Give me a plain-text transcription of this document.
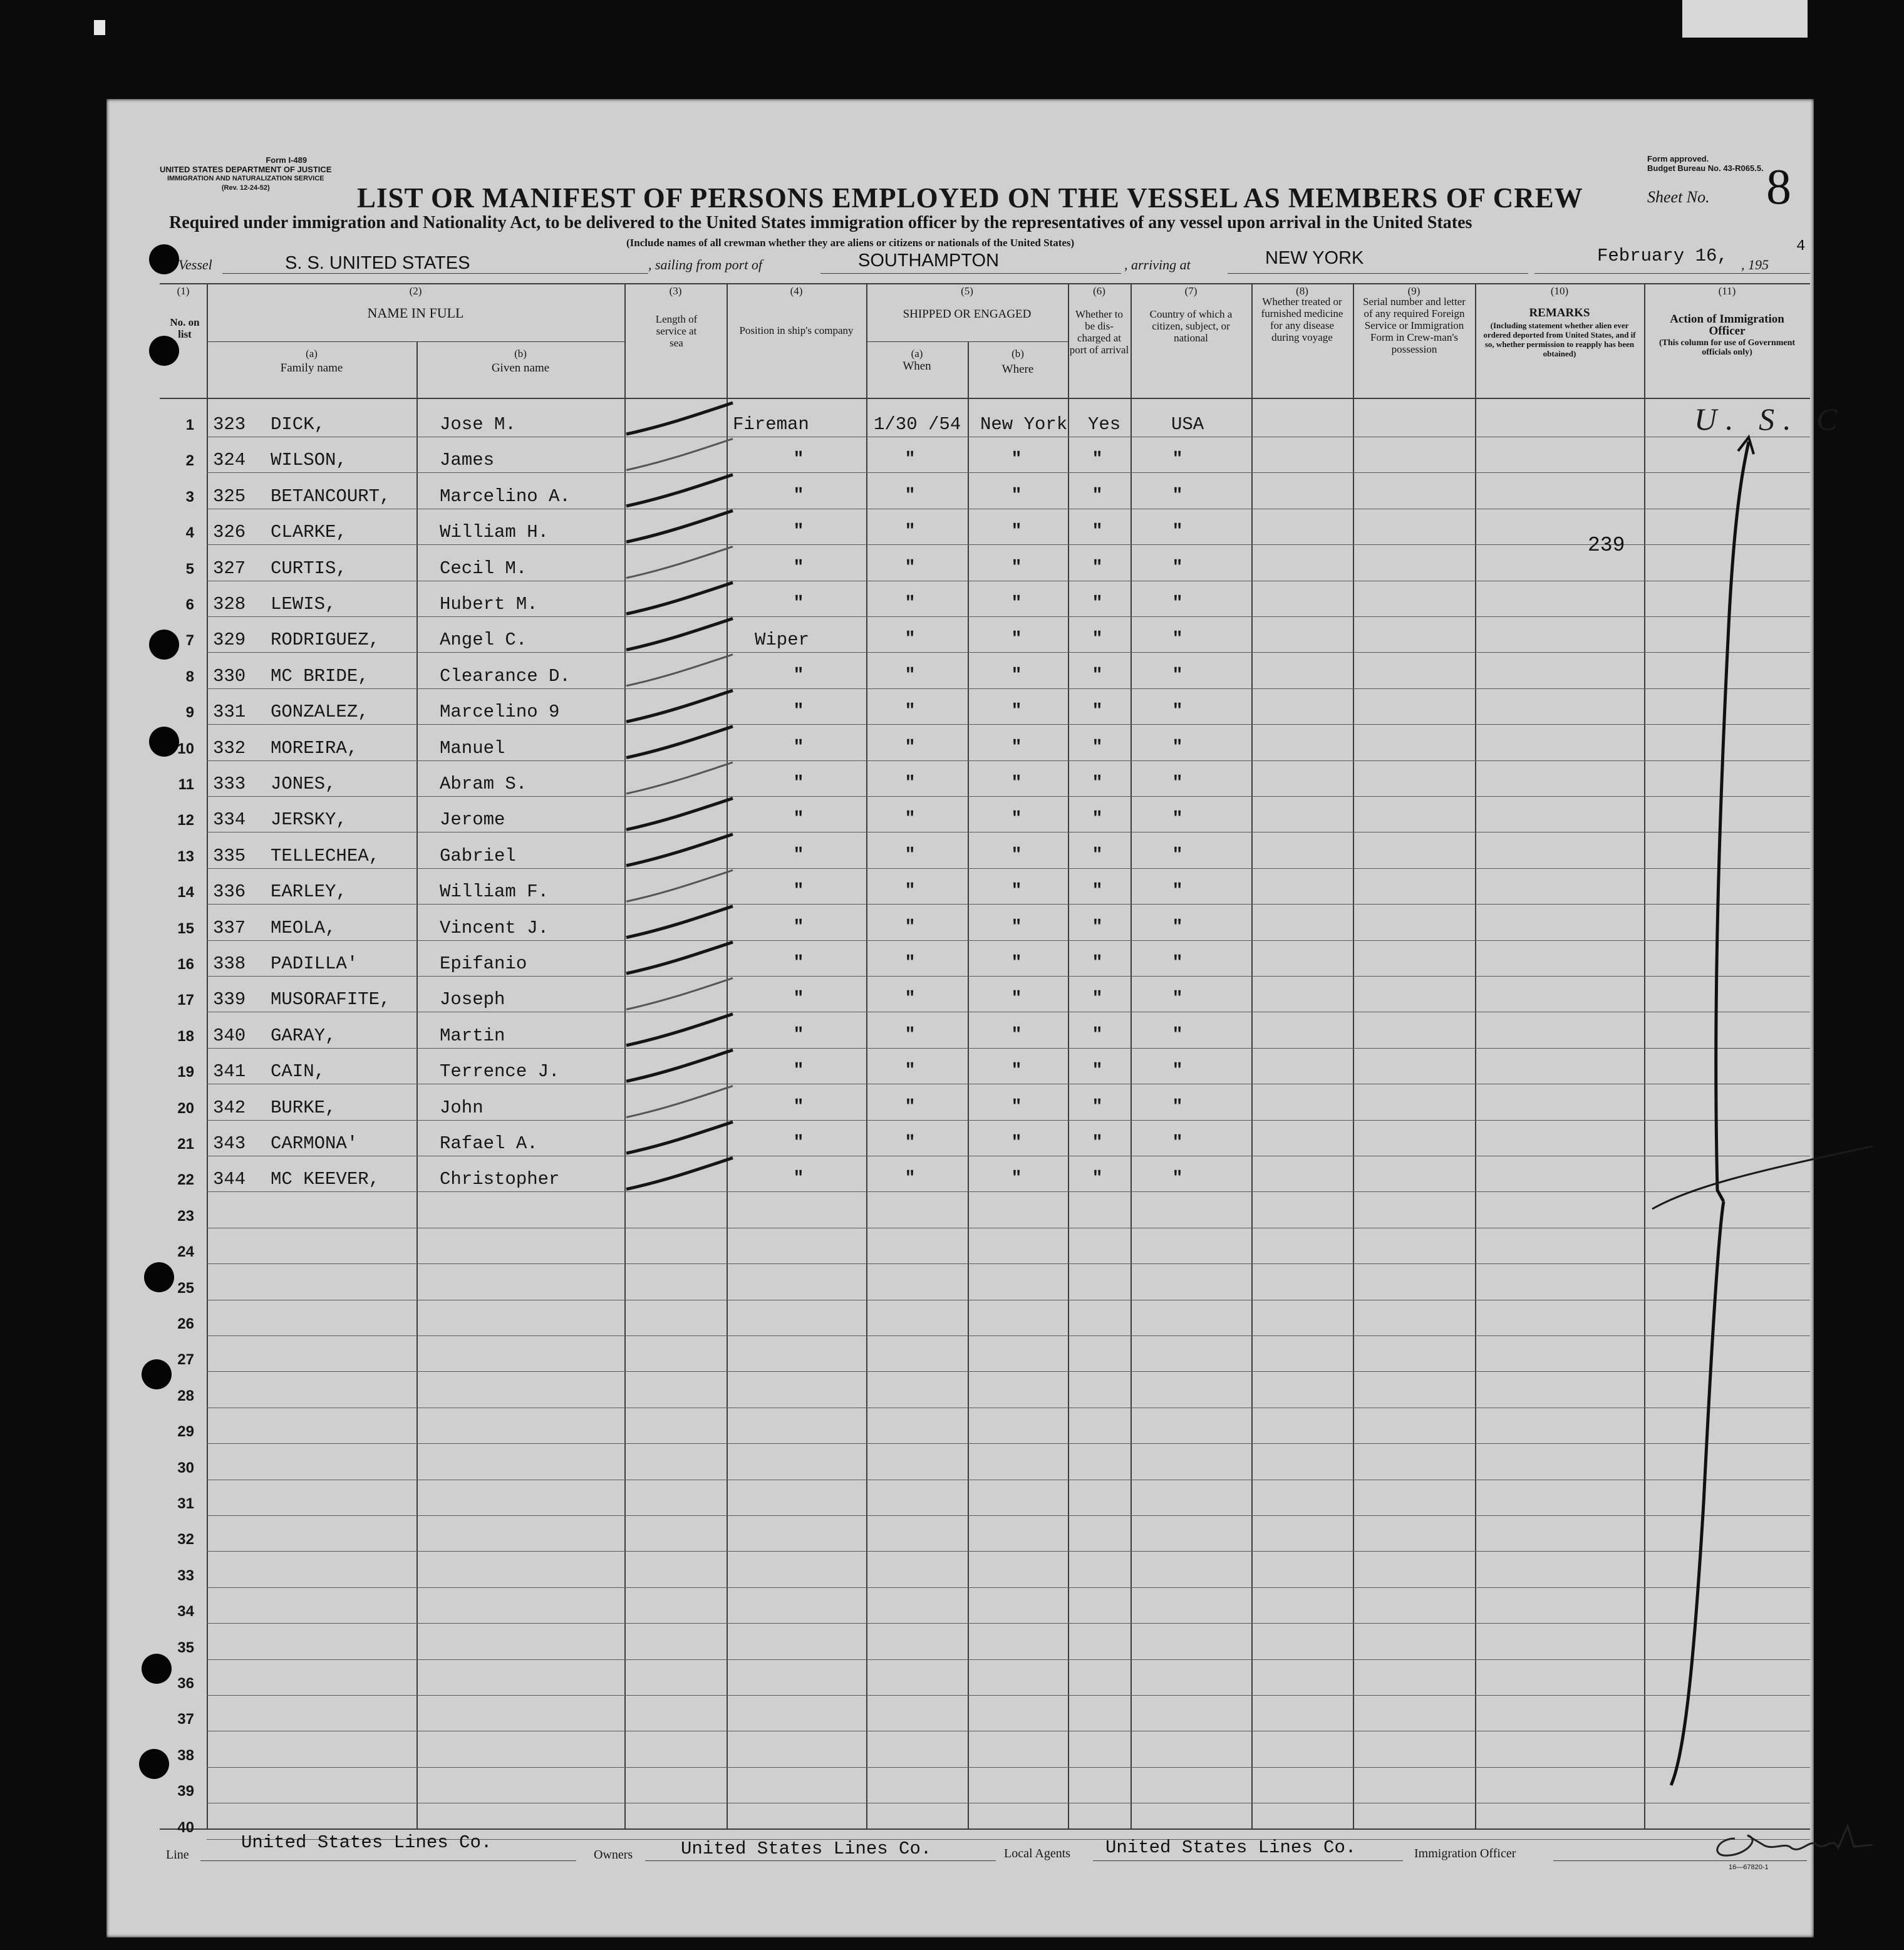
Form I-489
UNITED STATES DEPARTMENT OF JUSTICE
IMMIGRATION AND NATURALIZATION SERVICE
(Rev. 12-24-52)
Form approved.
Budget Bureau No. 43-R065.5.
LIST OR MANIFEST OF PERSONS EMPLOYED ON THE VESSEL AS MEMBERS OF CREW	Sheet No. 8
Required under immigration and Nationality Act, to be delivered to the United States immigration officer by the representatives of any vessel upon arrival in the United States
(Include names of all crewman whether they are aliens or citizens or nationals of the United States)
Vessel	S. S. UNITED STATES	, sailing from port of	SOUTHAMPTON	, arriving at	NEW YORK	February 16, , 195
4
(1)
No. on list
(2)
NAME IN FULL
(a)
Family name
(b)
Given name
(3)
Length of service at sea
(4)
Position in ship's company
(5)
SHIPPED OR ENGAGED
(a)
When
(b)
Where
(6)
Whether to be dis-charged at port of arrival
(7)
Country of which a citizen, subject, or national
(8)
Whether treated or furnished medicine for any disease during voyage
(9)
Serial number and letter of any required Foreign Service or Immigration Form in Crew-man's possession
(10)
REMARKS
(Including statement whether alien ever ordered deported from United States, and if so, whether permission to reapply has been obtained)
(11)
Action of Immigration Officer
(This column for use of Government officials only)
1 323 DICK,	Jose M.	Fireman	1/30 /54 New York Yes	USA
2 324 WILSON,	James	"	"	"	"	"
3 325 BETANCOURT,	Marcelino A.	"	"	"	"	"
4 326 CLARKE,	William H.	"	"	"	"	"
5 327 CURTIS,	Cecil M.	"	"	"	"	"
6 328 LEWIS,	Hubert M.	"	"	"	"	"
7 329 RODRIGUEZ,	Angel C.	Wiper	"	"	"	"
8 330 MC BRIDE,	Clearance D.	"	"	"	"	"
9 331 GONZALEZ,	Marcelino 9	"	"	"	"	"
10 332 MOREIRA,	Manuel	"	"	"	"	"
11 333 JONES,	Abram S.	"	"	"	"	"
12 334 JERSKY,	Jerome	"	"	"	"	"
13 335 TELLECHEA,	Gabriel	"	"	"	"	"
14 336 EARLEY,	William F.	"	"	"	"	"
15 337 MEOLA,	Vincent J.	"	"	"	"	"
16 338 PADILLA'	Epifanio	"	"	"	"	"
17 339 MUSORAFITE,	Joseph	"	"	"	"	"
18 340 GARAY,	Martin	"	"	"	"	"
19 341 CAIN,	Terrence J.	"	"	"	"	"
20 342 BURKE,	John	"	"	"	"	"
21 343 CARMONA'	Rafael A.	"	"	"	"	"
22 344 MC KEEVER,	Christopher	"	"	"	"	"
23
24
25
26
27
28
29
30
31
32
33
34
35
36
37
38
39
40
239
U. S. C
Line
United States Lines Co.
Owners	United States Lines Co.	Local Agents United States Lines Co.	Immigration Officer
16—67820-1
